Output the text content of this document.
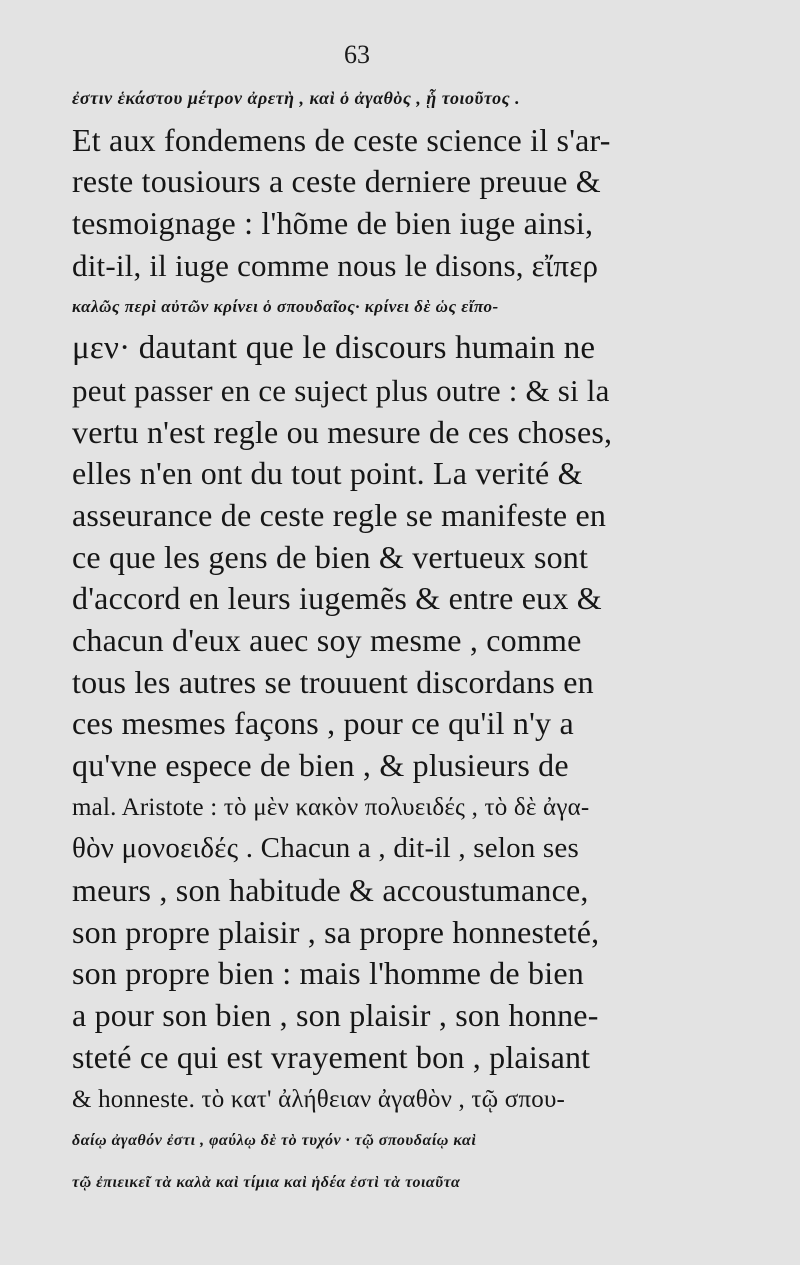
63
ἐστιν ἑκάστου μέτρον ἀρετὴ , καὶ ὁ ἀγαθὸς , ᾗ τοιοῦτος .
Et aux fondemens de ceste science il s'ar-
reste tousiours a ceste derniere preuue &
tesmoignage : l'hõme de bien iuge ainsi,
dit-il, il iuge comme nous le disons, εἴπερ
καλῶς περὶ αὐτῶν κρίνει ὁ σπουδαῖος· κρίνει δὲ ὡς εἴπο-
μεν· dautant que le discours humain ne
peut passer en ce suject plus outre : & si la
vertu n'est regle ou mesure de ces choses,
elles n'en ont du tout point. La verité &
asseurance de ceste regle se manifeste en
ce que les gens de bien & vertueux sont
d'accord en leurs iugemẽs & entre eux &
chacun d'eux auec soy mesme , comme
tous les autres se trouuent discordans en
ces mesmes façons , pour ce qu'il n'y a
qu'vne espece de bien , & plusieurs de
mal. Aristote : τὸ μὲν κακὸν πολυειδές , τὸ δὲ ἀγα-
θὸν μονοειδές . Chacun a , dit-il , selon ses
meurs , son habitude & accoustumance,
son propre plaisir , sa propre honnesteté,
son propre bien : mais l'homme de bien
a pour son bien , son plaisir , son honne-
steté ce qui est vrayement bon , plaisant
& honneste. τὸ κατ' ἀλήθειαν ἀγαθὸν , τῷ σπου-
δαίῳ ἀγαθόν ἐστι , φαύλῳ δὲ τὸ τυχόν · τῷ σπουδαίῳ καὶ
τῷ ἐπιεικεῖ τὰ καλὰ καὶ τίμια καὶ ἡδέα ἐστὶ τὰ τοιαῦτα
